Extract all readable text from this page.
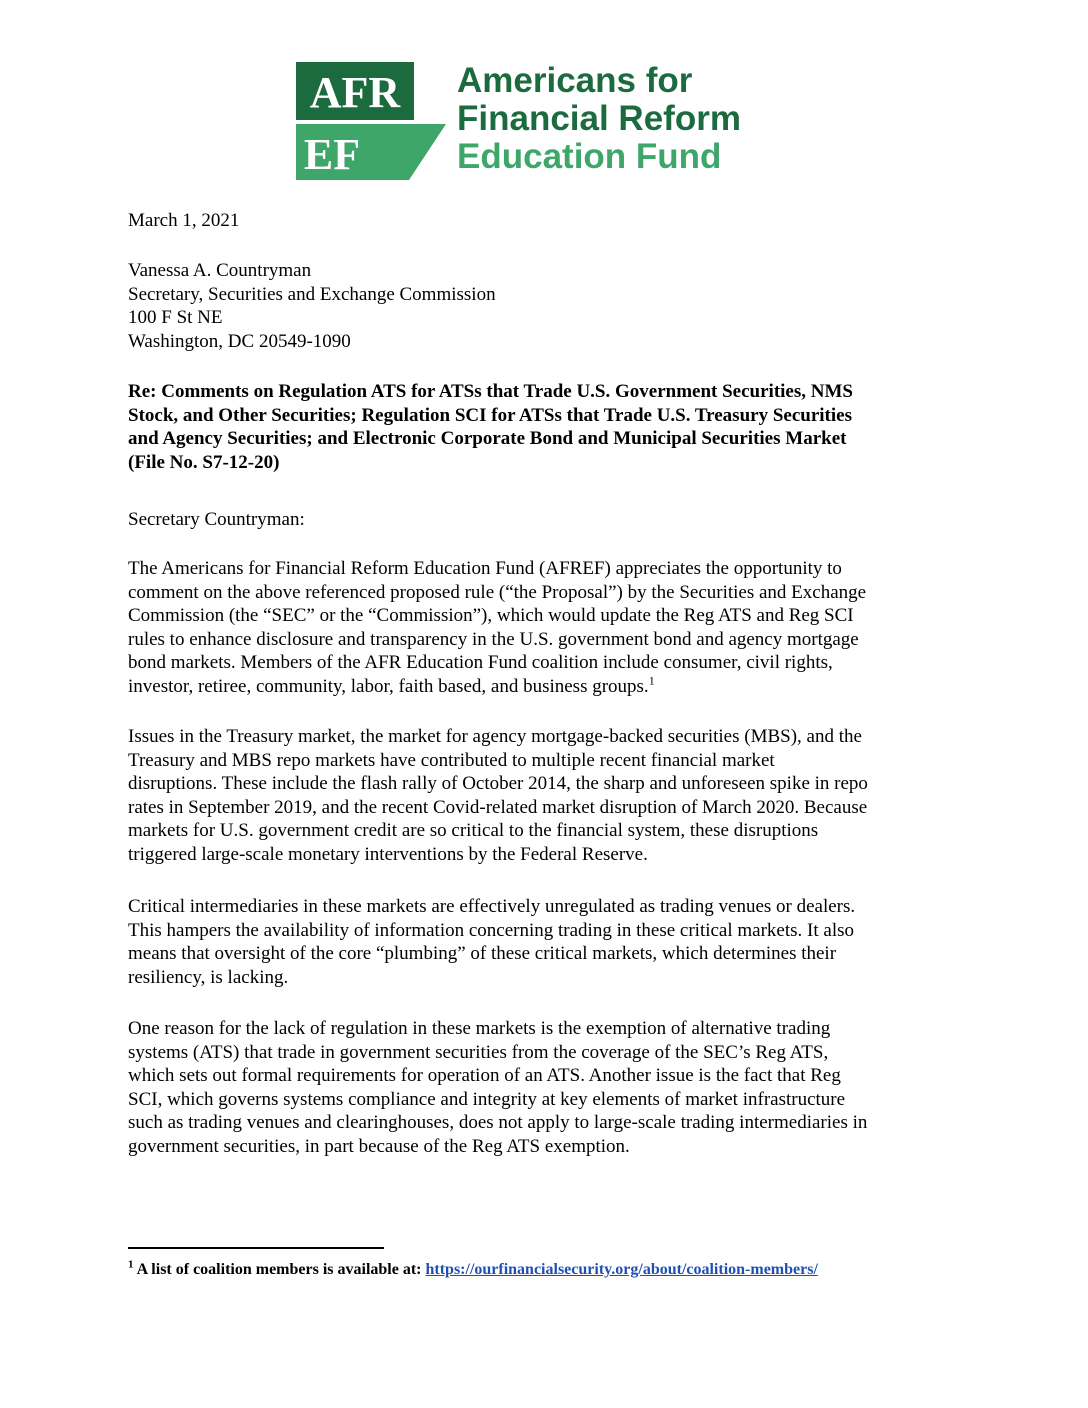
AFR
EF
Americans for
Financial Reform
Education Fund
March 1, 2021
Vanessa A. Countryman
Secretary, Securities and Exchange Commission
100 F St NE
Washington, DC 20549-1090
Re: Comments on Regulation ATS for ATSs that Trade U.S. Government Securities, NMS
Stock, and Other Securities; Regulation SCI for ATSs that Trade U.S. Treasury Securities
and Agency Securities; and Electronic Corporate Bond and Municipal Securities Market
(File No. S7-12-20)
Secretary Countryman:
The Americans for Financial Reform Education Fund (AFREF) appreciates the opportunity to
comment on the above referenced proposed rule (“the Proposal”) by the Securities and Exchange
Commission (the “SEC” or the “Commission”), which would update the Reg ATS and Reg SCI
rules to enhance disclosure and transparency in the U.S. government bond and agency mortgage
bond markets. Members of the AFR Education Fund coalition include consumer, civil rights,
investor, retiree, community, labor, faith based, and business groups.$^1$
Issues in the Treasury market, the market for agency mortgage-backed securities (MBS), and the
Treasury and MBS repo markets have contributed to multiple recent financial market
disruptions. These include the flash rally of October 2014, the sharp and unforeseen spike in repo
rates in September 2019, and the recent Covid-related market disruption of March 2020. Because
markets for U.S. government credit are so critical to the financial system, these disruptions
triggered large-scale monetary interventions by the Federal Reserve.
Critical intermediaries in these markets are effectively unregulated as trading venues or dealers.
This hampers the availability of information concerning trading in these critical markets. It also
means that oversight of the core “plumbing” of these critical markets, which determines their
resiliency, is lacking.
One reason for the lack of regulation in these markets is the exemption of alternative trading
systems (ATS) that trade in government securities from the coverage of the SEC’s Reg ATS,
which sets out formal requirements for operation of an ATS. Another issue is the fact that Reg
SCI, which governs systems compliance and integrity at key elements of market infrastructure
such as trading venues and clearinghouses, does not apply to large-scale trading intermediaries in
government securities, in part because of the Reg ATS exemption.
$^1$ A list of coalition members is available at: https://ourfinancialsecurity.org/about/coalition-members/
